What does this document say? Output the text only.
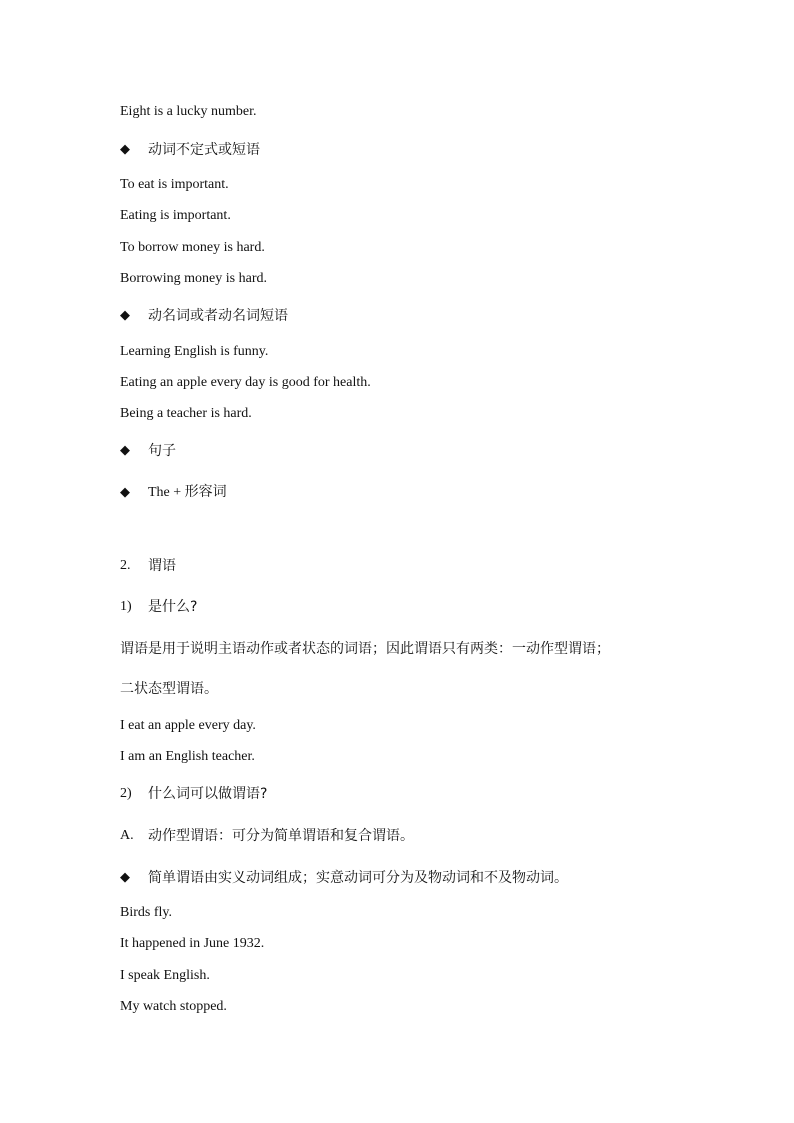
Eight is a lucky number.
◆ 动词不定式或短语
To eat is important.
Eating is important.
To borrow money is hard.
Borrowing money is hard.
◆ 动名词或者动名词短语
Learning English is funny.
Eating an apple every day is good for health.
Being a teacher is hard.
◆ 句子
◆ The + 形容词
2. 谓语
1) 是什么?
谓语是用于说明主语动作或者状态的词语；因此谓语只有两类：一动作型谓语；
二状态型谓语。
I eat an apple every day.
I am an English teacher.
2) 什么词可以做谓语?
A. 动作型谓语：可分为简单谓语和复合谓语。
◆ 简单谓语由实义动词组成；实意动词可分为及物动词和不及物动词。
Birds fly.
It happened in June 1932.
I speak English.
My watch stopped.
